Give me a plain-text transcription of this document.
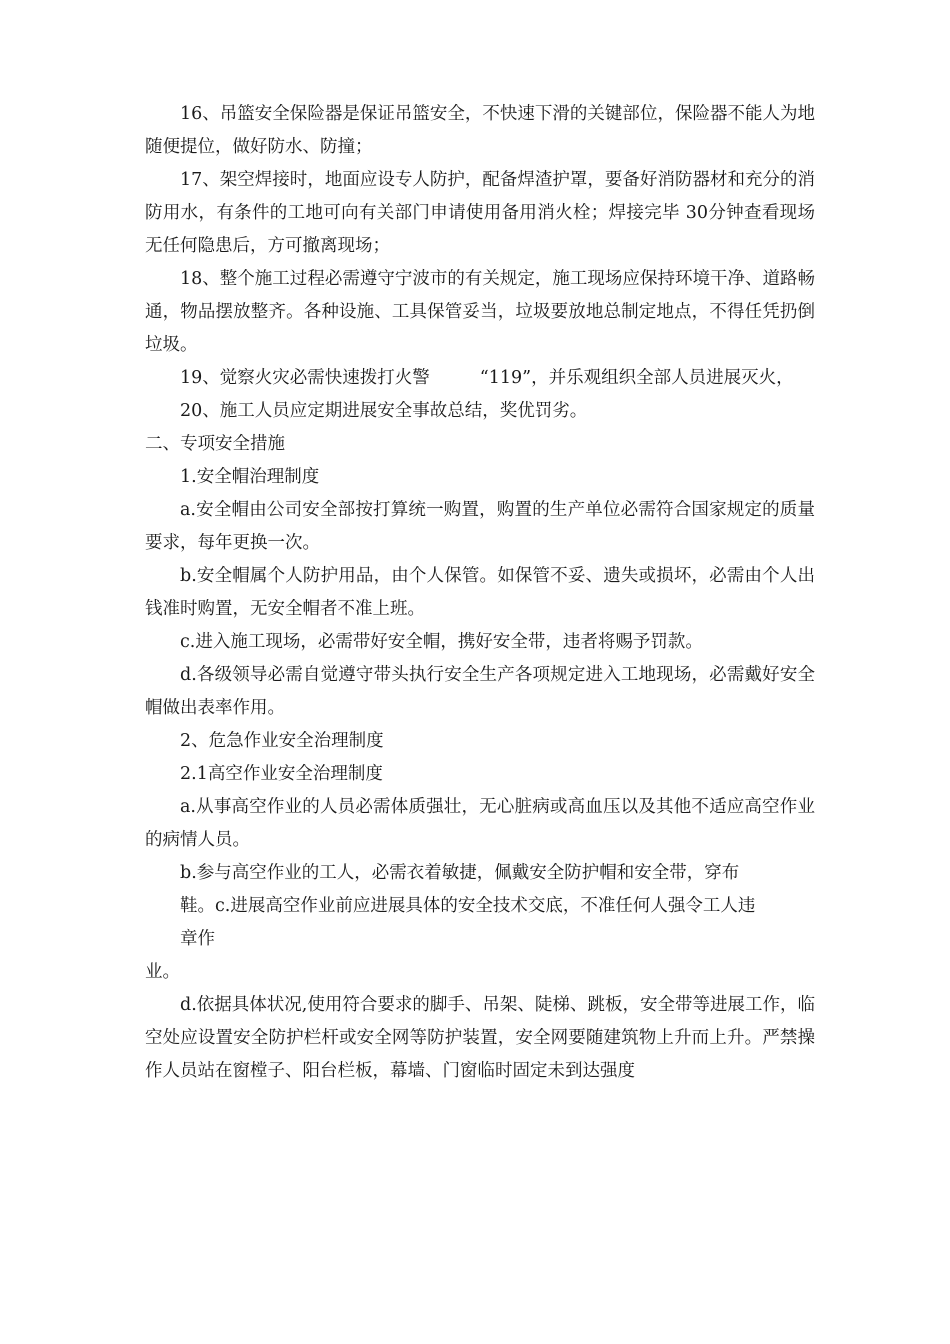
16、吊篮安全保险器是保证吊篮安全，不快速下滑的关键部位，保险器不能人为地随便提位，做好防水、防撞；

17、架空焊接时，地面应设专人防护，配备焊渣护罩，要备好消防器材和充分的消防用水，有条件的工地可向有关部门申请使用备用消火栓；焊接完毕 30分钟查看现场无任何隐患后，方可撤离现场；

18、整个施工过程必需遵守宁波市的有关规定，施工现场应保持环境干净、道路畅通，物品摆放整齐。各种设施、工具保管妥当，垃圾要放地总制定地点，不得任凭扔倒垃圾。

19、觉察火灾必需快速拨打火警	“119”，并乐观组织全部人员进展灭火，

20、施工人员应定期进展安全事故总结，奖优罚劣。

二、专项安全措施

1.安全帽治理制度

a.安全帽由公司安全部按打算统一购置，购置的生产单位必需符合国家规定的质量要求，每年更换一次。

b.安全帽属个人防护用品，由个人保管。如保管不妥、遗失或损坏，必需由个人出钱准时购置，无安全帽者不准上班。

c.进入施工现场，必需带好安全帽，携好安全带，违者将赐予罚款。

d.各级领导必需自觉遵守带头执行安全生产各项规定进入工地现场，必需戴好安全帽做出表率作用。

2、危急作业安全治理制度

2.1高空作业安全治理制度

a.从事高空作业的人员必需体质强壮，无心脏病或高血压以及其他不适应高空作业的病情人员。

b.参与高空作业的工人，必需衣着敏捷，佩戴安全防护帽和安全带，穿布

鞋。c.进展高空作业前应进展具体的安全技术交底，不准任何人强令工人违

章作

业。

d.依据具体状况,使用符合要求的脚手、吊架、陡梯、跳板，安全带等进展工作，临空处应设置安全防护栏杆或安全网等防护装置，安全网要随建筑物上升而上升。严禁操作人员站在窗樘子、阳台栏板，幕墙、门窗临时固定未到达强度
